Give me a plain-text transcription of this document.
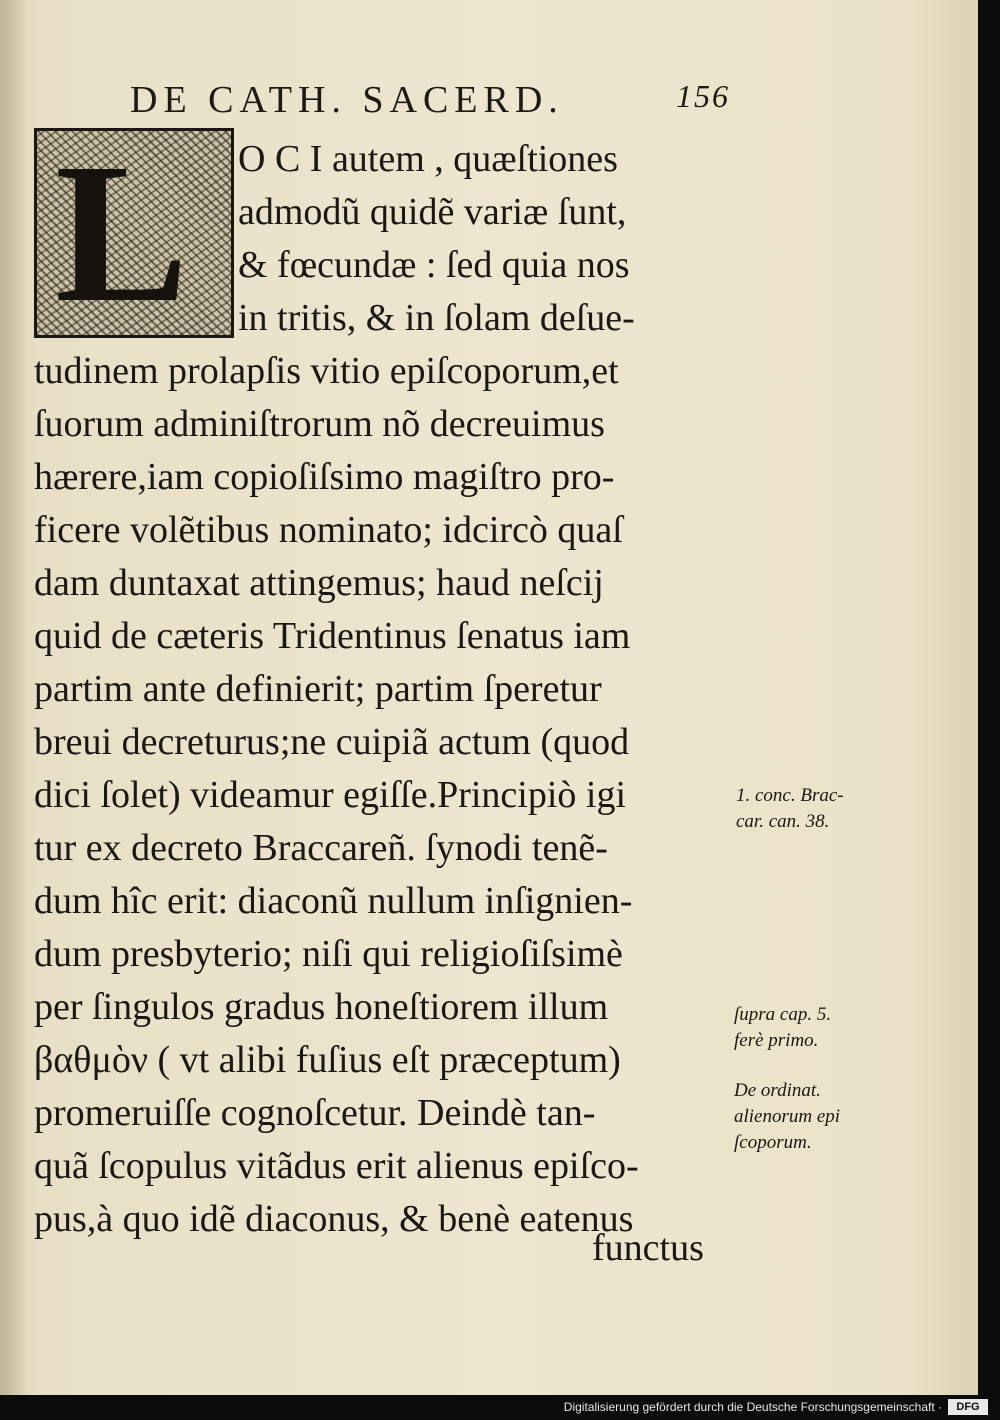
DE CATH. SACERD.	156
L O C I autem , quæſtiones
admodũ quidẽ variæ ſunt,
& fœcundæ : ſed quia nos
in tritis, & in ſolam deſue-
tudinem prolapſis vitio epiſcoporum,et
ſuorum adminiſtrorum nõ decreuimus
hærere,iam copioſiſsimo magiſtro pro-
ficere volẽtibus nominato; idcircò quaſ
dam duntaxat attingemus; haud neſcij
quid de cæteris Tridentinus ſenatus iam
partim ante definierit; partim ſperetur
breui decreturus;ne cuipiã actum (quod
dici ſolet) videamur egiſſe.Principiò igi
tur ex decreto Braccareñ. ſynodi tenẽ-
dum hîc erit: diaconũ nullum inſignien-
dum presbyterio; niſi qui religioſiſsimè
per ſingulos gradus honeſtiorem illum
βαθμὸν ( vt alibi fuſius eſt præceptum)
promeruiſſe cognoſcetur. Deindè tan-
quã ſcopulus vitãdus erit alienus epiſco-
pus,à quo idẽ diaconus, & benè eatenus
functus
1. conc. Brac-
car. can. 38.
ſupra cap. 5.
ferè primo.
De ordinat.
alienorum epi
ſcoporum.
Digitalisierung gefördert durch die Deutsche Forschungsgemeinschaft ·	DFG
